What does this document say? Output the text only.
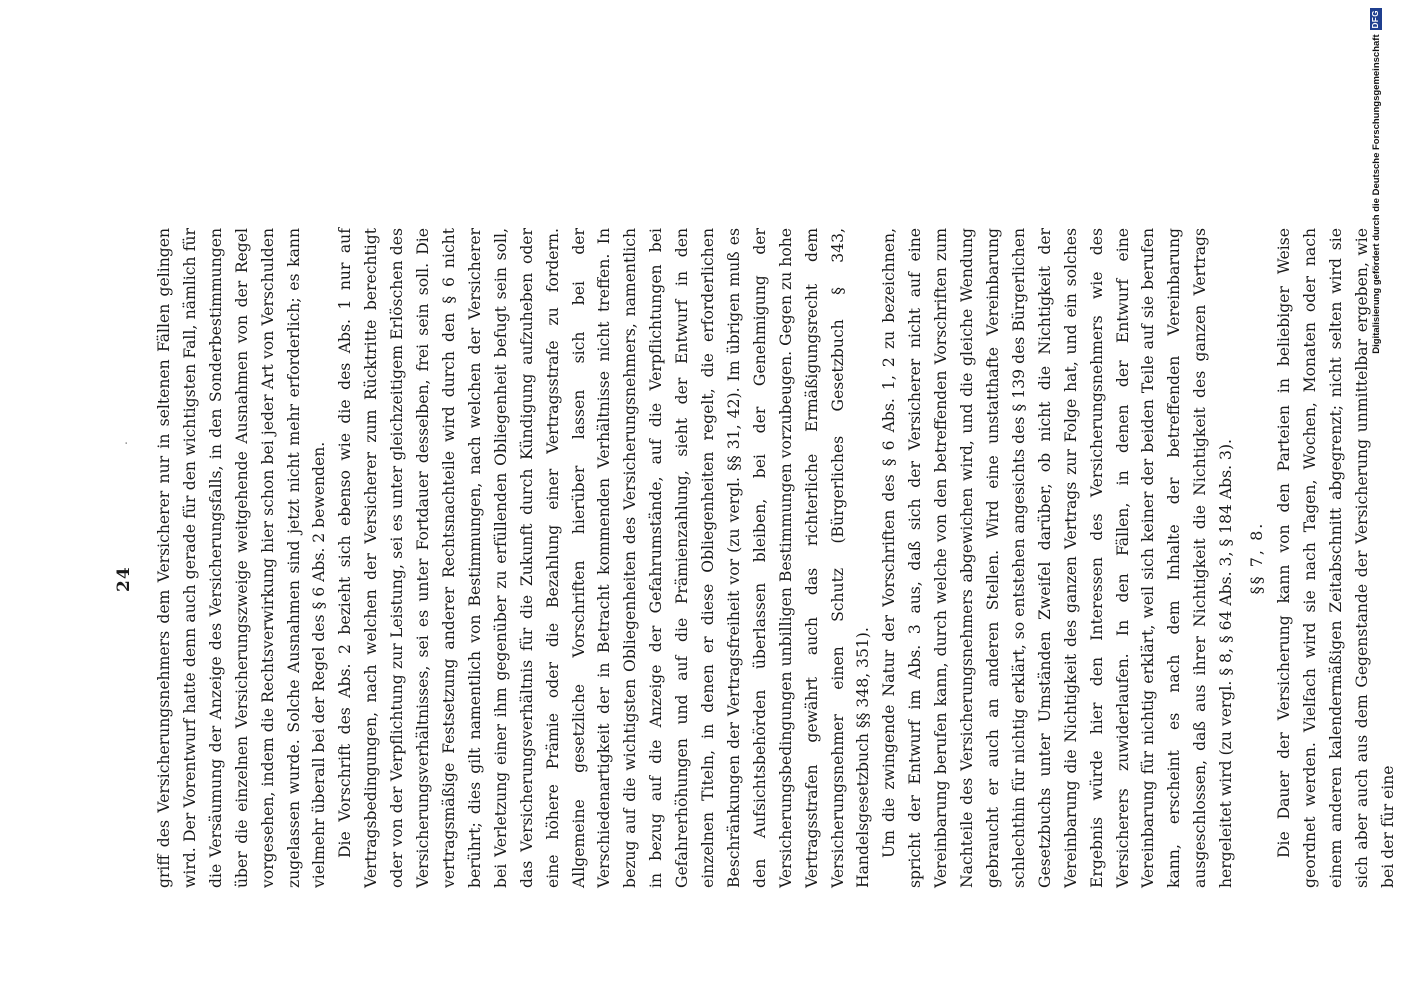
24
. griff des Versicherungsnehmers dem Versicherer nur in seltenen Fällen gelingen wird. Der Vorentwurf hatte denn auch gerade für den wichtigsten Fall, nämlich für die Versäumung der Anzeige des Versicherungsfalls, in den Sonderbestimmungen über die einzelnen Versicherungszweige weitgehende Ausnahmen von der Regel vorgesehen, indem die Rechtsverwirkung hier schon bei jeder Art von Verschulden zugelassen wurde. Solche Ausnahmen sind jetzt nicht mehr erforderlich; es kann vielmehr überall bei der Regel des § 6 Abs. 2 bewenden. Die Vorschrift des Abs. 2 bezieht sich ebenso wie die des Abs. 1 nur auf Vertragsbedingungen, nach welchen der Versicherer zum Rücktritte berechtigt oder von der Verpflichtung zur Leistung, sei es unter gleichzeitigem Erlöschen des Versicherungsverhältnisses, sei es unter Fortdauer desselben, frei sein soll. Die vertragsmäßige Festsetzung anderer Rechtsnachteile wird durch den § 6 nicht berührt; dies gilt namentlich von Bestimmungen, nach welchen der Versicherer bei Verletzung einer ihm gegenüber zu erfüllenden Obliegenheit befugt sein soll, das Versicherungsverhältnis für die Zukunft durch Kündigung aufzuheben oder eine höhere Prämie oder die Bezahlung einer Vertragsstrafe zu fordern. Allgemeine gesetzliche Vorschriften hierüber lassen sich bei der Verschiedenartigkeit der in Betracht kommenden Verhältnisse nicht treffen. In bezug auf die wichtigsten Obliegenheiten des Versicherungsnehmers, namentlich in bezug auf die Anzeige der Gefahrumstände, auf die Verpflichtungen bei Gefahrerhöhungen und auf die Prämienzahlung, sieht der Entwurf in den einzelnen Titeln, in denen er diese Obliegenheiten regelt, die erforderlichen Beschränkungen der Vertragsfreiheit vor (zu vergl. §§ 31, 42). Im übrigen muß es den Aufsichtsbehörden überlassen bleiben, bei der Genehmigung der Versicherungsbedingungen unbilligen Bestimmungen vorzubeugen. Gegen zu hohe Vertragsstrafen gewährt auch das richterliche Ermäßigungsrecht dem Versicherungsnehmer einen Schutz (Bürgerliches Gesetzbuch § 343, Handelsgesetzbuch §§ 348, 351). Um die zwingende Natur der Vorschriften des § 6 Abs. 1, 2 zu bezeichnen, spricht der Entwurf im Abs. 3 aus, daß sich der Versicherer nicht auf eine Vereinbarung berufen kann, durch welche von den betreffenden Vorschriften zum Nachteile des Versicherungsnehmers abgewichen wird, und die gleiche Wendung gebraucht er auch an anderen Stellen. Wird eine unstatthafte Vereinbarung schlechthin für nichtig erklärt, so entstehen angesichts des § 139 des Bürgerlichen Gesetzbuchs unter Umständen Zweifel darüber, ob nicht die Nichtigkeit der Vereinbarung die Nichtigkeit des ganzen Vertrags zur Folge hat, und ein solches Ergebnis würde hier den Interessen des Versicherungsnehmers wie des Versicherers zuwiderlaufen. In den Fällen, in denen der Entwurf eine Vereinbarung für nichtig erklärt, weil sich keiner der beiden Teile auf sie berufen kann, erscheint es nach dem Inhalte der betreffenden Vereinbarung ausgeschlossen, daß aus ihrer Nichtigkeit die Nichtigkeit des ganzen Vertrags hergeleitet wird (zu vergl. § 8, § 64 Abs. 3, § 184 Abs. 3). §§ 7, 8. Die Dauer der Versicherung kann von den Parteien in beliebiger Weise geordnet werden. Vielfach wird sie nach Tagen, Wochen, Monaten oder nach einem anderen kalendermäßigen Zeitabschnitt abgegrenzt; nicht selten wird sie sich aber auch aus dem Gegenstande der Versicherung unmittelbar ergeben, wie bei der für eine

Digitalisierung gefördert durch die Deutsche Forschungsgemeinschaft
DFG
